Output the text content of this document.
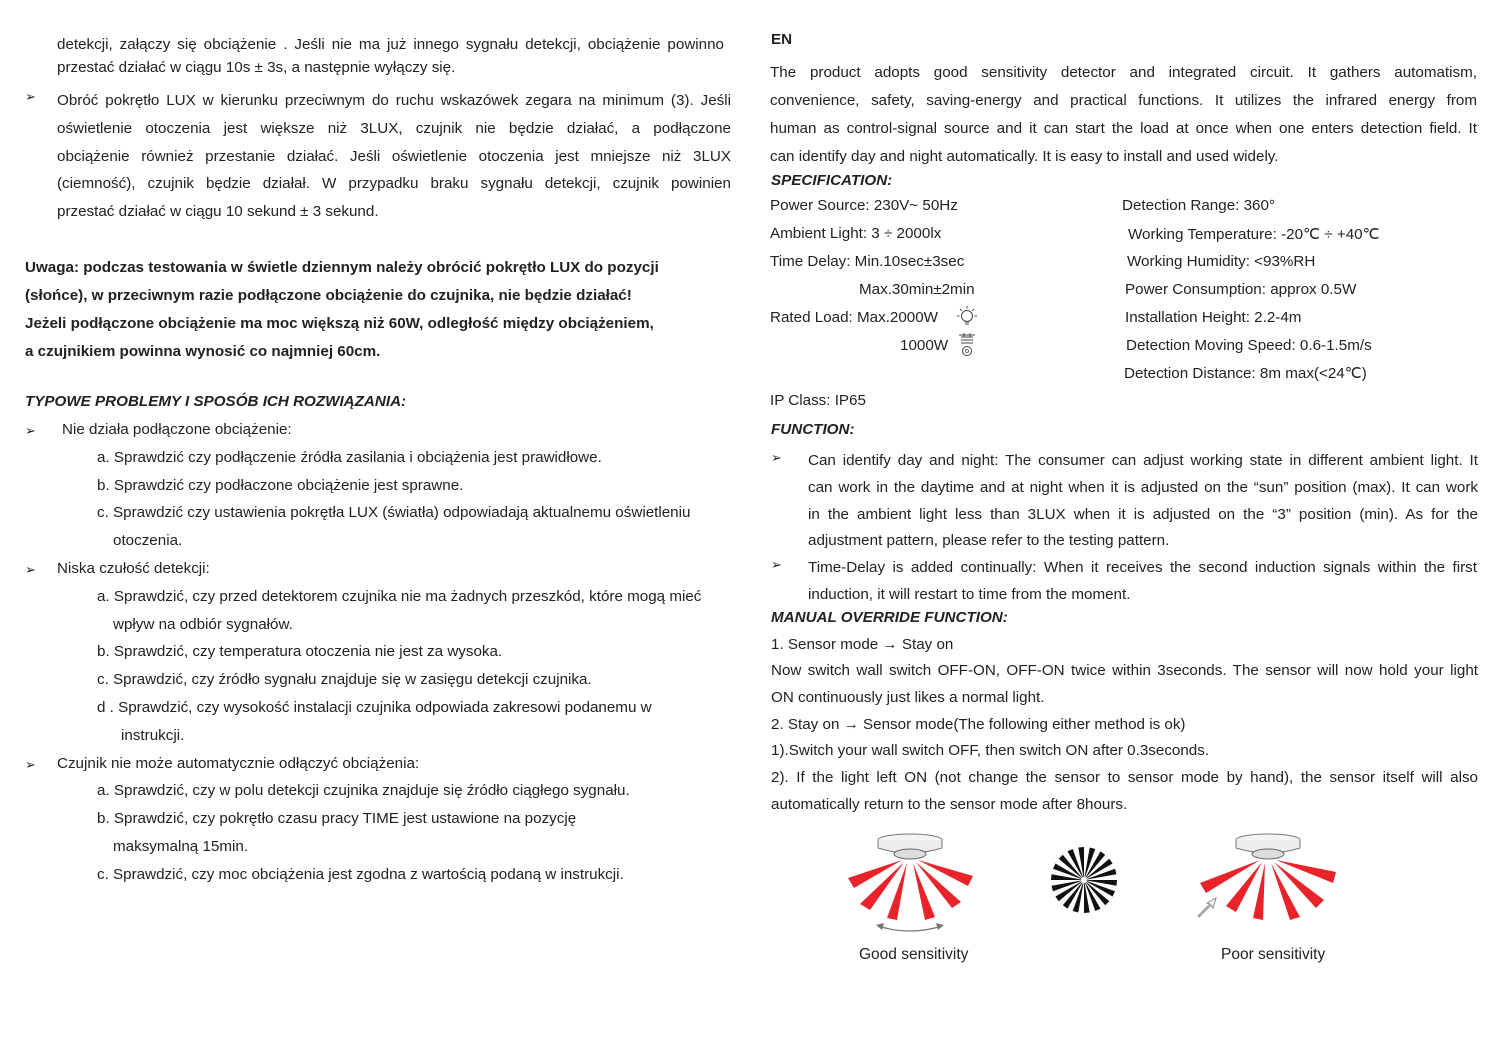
detekcji, załączy się obciążenie . Jeśli nie ma już innego sygnału detekcji, obciążenie powinno
przestać działać w ciągu 10s ± 3s, a następnie wyłączy się.
➢ Obróć pokrętło LUX w kierunku przeciwnym do ruchu wskazówek zegara na minimum (3). Jeśli
oświetlenie otoczenia jest większe niż 3LUX, czujnik nie będzie działać, a podłączone
obciążenie również przestanie działać. Jeśli oświetlenie otoczenia jest mniejsze niż 3LUX
(ciemność), czujnik będzie działał. W przypadku braku sygnału detekcji, czujnik powinien
przestać działać w ciągu 10 sekund ± 3 sekund.
Uwaga: podczas testowania w świetle dziennym należy obrócić pokrętło LUX do pozycji
(słońce), w przeciwnym razie podłączone obciążenie do czujnika, nie będzie działać!
Jeżeli podłączone obciążenie ma moc większą niż 60W, odległość między obciążeniem,
a czujnikiem powinna wynosić co najmniej 60cm.
TYPOWE PROBLEMY I SPOSÓB ICH ROZWIĄZANIA:
➢ Nie działa podłączone obciążenie:
a. Sprawdzić czy podłączenie źródła zasilania i obciążenia jest prawidłowe.
b. Sprawdzić czy podłaczone obciążenie jest sprawne.
c. Sprawdzić czy ustawienia pokrętła LUX (światła) odpowiadają aktualnemu oświetleniu
otoczenia.
➢ Niska czułość detekcji:
a. Sprawdzić, czy przed detektorem czujnika nie ma żadnych przeszkód, które mogą mieć
wpływ na odbiór sygnałów.
b. Sprawdzić, czy temperatura otoczenia nie jest za wysoka.
c. Sprawdzić, czy źródło sygnału znajduje się w zasięgu detekcji czujnika.
d . Sprawdzić, czy wysokość instalacji czujnika odpowiada zakresowi podanemu w
instrukcji.
➢ Czujnik nie może automatycznie odłączyć obciążenia:
a. Sprawdzić, czy w polu detekcji czujnika znajduje się źródło ciągłego sygnału.
b. Sprawdzić, czy pokrętło czasu pracy TIME jest ustawione na pozycję
maksymalną 15min.
c. Sprawdzić, czy moc obciążenia jest zgodna z wartością podaną w instrukcji.
EN
The product adopts good sensitivity detector and integrated circuit. It gathers automatism,
convenience, safety, saving-energy and practical functions. It utilizes the infrared energy from
human as control-signal source and it can start the load at once when one enters detection field. It
can identify day and night automatically. It is easy to install and used widely.
SPECIFICATION:
Power Source: 230V~ 50Hz
Ambient Light: 3 ÷ 2000lx
Time Delay: Min.10sec±3sec
Max.30min±2min
Rated Load: Max.2000W
1000W
IP Class: IP65
Detection Range: 360°
Working Temperature: -20℃ ÷ +40℃
Working Humidity: <93%RH
Power Consumption: approx 0.5W
Installation Height: 2.2-4m
Detection Moving Speed: 0.6-1.5m/s
Detection Distance: 8m max(<24℃)
FUNCTION:
➢ Can identify day and night: The consumer can adjust working state in different ambient light. It
can work in the daytime and at night when it is adjusted on the “sun” position (max). It can work
in the ambient light less than 3LUX when it is adjusted on the “3” position (min). As for the
adjustment pattern, please refer to the testing pattern.
➢ Time-Delay is added continually: When it receives the second induction signals within the first
induction, it will restart to time from the moment.
MANUAL OVERRIDE FUNCTION:
1. Sensor mode → Stay on
Now switch wall switch OFF-ON, OFF-ON twice within 3seconds. The sensor will now hold your light
ON continuously just likes a normal light.
2. Stay on → Sensor mode(The following either method is ok)
1).Switch your wall switch OFF, then switch ON after 0.3seconds.
2). If the light left ON (not change the sensor to sensor mode by hand), the sensor itself will also
automatically return to the sensor mode after 8hours.
Good sensitivity	Poor sensitivity
